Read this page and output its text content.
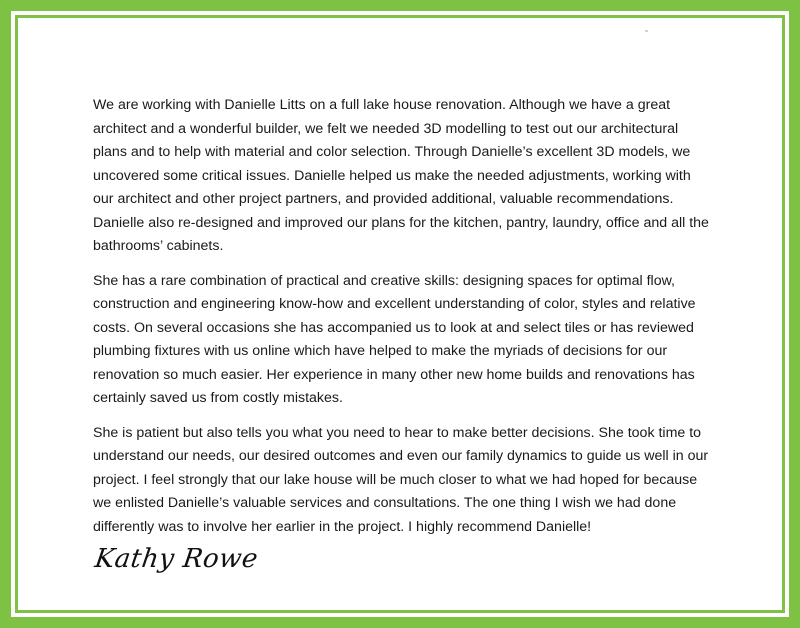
We are working with Danielle Litts on a full lake house renovation. Although we have a great architect and a wonderful builder, we felt we needed 3D modelling to test out our architectural plans and to help with material and color selection. Through Danielle’s excellent 3D models, we uncovered some critical issues. Danielle helped us make the needed adjustments, working with our architect and other project partners, and provided additional, valuable recommendations. Danielle also re-designed and improved our plans for the kitchen, pantry, laundry, office and all the bathrooms’ cabinets.

She has a rare combination of practical and creative skills: designing spaces for optimal flow, construction and engineering know-how and excellent understanding of color, styles and relative costs. On several occasions she has accompanied us to look at and select tiles or has reviewed plumbing fixtures with us online which have helped to make the myriads of decisions for our renovation so much easier. Her experience in many other new home builds and renovations has certainly saved us from costly mistakes.

She is patient but also tells you what you need to hear to make better decisions. She took time to understand our needs, our desired outcomes and even our family dynamics to guide us well in our project. I feel strongly that our lake house will be much closer to what we had hoped for because we enlisted Danielle’s valuable services and consultations. The one thing I wish we had done differently was to involve her earlier in the project. I highly recommend Danielle!

Kathy Rowe
